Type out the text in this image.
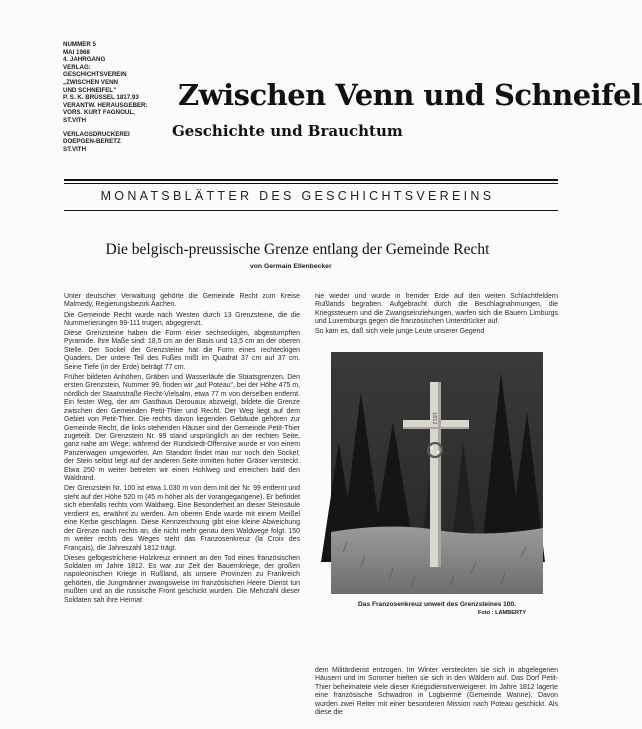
NUMMER 5
MAI 1968
4. JAHRGANG
VERLAG:
GESCHICHTSVEREIN
„ZWISCHEN VENN
UND SCHNEIFEL"
P. S. K. BRÜSSEL 1817.93
VERANTW. HERAUSGEBER:
VORS. KURT FAGNOUL,
ST.VITH
VERLAGSDRUCKEREI
DOEPGEN-BERETZ
ST.VITH
Zwischen Venn und Schneifel
Geschichte und Brauchtum
MONATSBLÄTTER DES GESCHICHTSVEREINS
Die belgisch-preussische Grenze entlang der Gemeinde Recht
von Germain Ellenbecker

Unter deutscher Verwaltung gehörte die Gemeinde Recht zum Kreise Malmedy, Regierungsbezirk Aachen.

Die Gemeinde Recht wurde nach Westen durch 13 Grenzsteine, die die Nummerierungen 99-111 trugen, abgegrenzt.

Diese Grenzsteine haben die Form einer sechseckigen, abgestumpften Pyramide. Ihre Maße sind: 18,5 cm an der Basis und 13,5 cm an der oberen Stelle. Der Sockel der Grenzsteine hat die Form eines rechteckigen Quaders. Der untere Teil des Fußes mißt im Quadrat 37 cm auf 37 cm. Seine Tiefe (in der Erde) beträgt 77 cm.

Früher bildeten Anhöhen, Gräben und Wasserläufe die Staatsgrenzen. Den ersten Grenzstein, Nummer 99, finden wir „auf Poteau", bei der Höhe 475 m, nördlich der Staatsstraße Recht-Vielsalm, etwa 77 m von derselben entfernt. Ein fester Weg, der am Gasthaus Derouaux abzweigt, bildete die Grenze zwischen den Gemeinden Petit-Thier und Recht. Der Weg liegt auf dem Gebiet von Petit-Thier. Die rechts davon liegenden Gebäude gehören zur Gemeinde Recht, die links stehenden Häuser sind der Gemeinde Petit-Thier zugeteilt. Der Grenzstein Nr. 99 stand ursprünglich an der rechten Seite, ganz nahe am Wege; während der Rundstedt-Offensive wurde er von einem Panzerwagen umgeworfen. Am Standort findet man nur noch den Sockel; der Stein selbst liegt auf der anderen Seite inmitten hoher Gräser versteckt. Etwa 250 m weiter betreten wir einen Hohlweg und erreichen bald den Waldrand.

Der Grenzstein Nr. 100 ist etwa 1.030 m von dem mit der Nr. 99 entfernt und steht auf der Höhe 520 m (45 m höher als der vorangegangene). Er befindet sich ebenfalls rechts vom Waldweg. Eine Besonderheit an dieser Steinsäule verdient es, erwähnt zu werden. Am oberen Ende wurde mit einem Meißel eine Kerbe geschlagen. Diese Kennzeichnung gibt eine kleine Abweichung der Grenze nach rechts an, die nicht mehr genau dem Waldwege folgt. 150 m weiter rechts des Weges steht das Franzosenkreuz (la Croix des Français), die Jahreszahl 1812 trägt.

Dieses gelbgestrichene Holzkreuz erinnert an den Tod eines französischen Soldaten im Jahre 1812. Es war zur Zeit der Bauernkriege, der großen napoleonischen Kriege in Rußland, als unsere Provinzen zu Frankreich gehörten, die Jungmänner zwangsweise im französischen Heere Dienst tun mußten und an die russische Front geschickt wurden. Die Mehrzahl dieser Soldaten sah ihre Heimat

nie wieder und wurde in fremder Erde auf den weiten Schlachtfeldern Rußlands begraben. Aufgebracht durch die Beschlagnahmungen, die Kriegssteuern und die Zwangseinziehungen, warfen sich die Bauern Limburgs und Luxemburgs gegen die französischen Unterdrücker auf.

So kam es, daß sich viele junge Leute unserer Gegend

1812
Das Franzosenkreuz unweit des Grenzsteines 100.
Foto : LAMBERTY

dem Militärdienst entzogen. Im Winter versteckten sie sich in abgelegenen Häusern und im Sommer hielten sie sich in den Wäldern auf. Das Dorf Petit-Thier beheimatete viele dieser Kriegsdienstverweigerer. Im Jahre 1812 lagerte eine französische Schwadron in Logbiermé (Gemeinde Wanne). Davon wurden zwei Reiter mit einer besonderen Mission nach Poteau geschickt. Als diese die
